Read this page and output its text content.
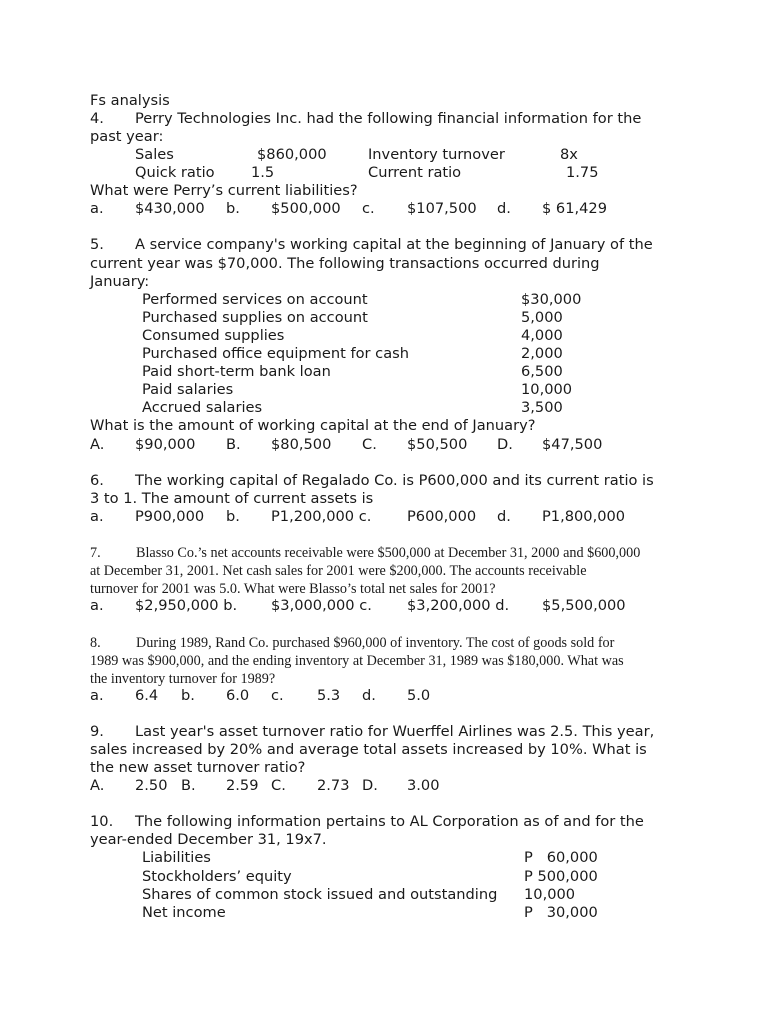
Fs analysis
4. Perry Technologies Inc. had the following financial information for the
past year:
Sales	$860,000	Inventory turnover	8x
Quick ratio 1.5	Current ratio	1.75
What were Perry’s current liabilities?
a. $430,000 b. $500,000 c. $107,500 d. $ 61,429
5. A service company's working capital at the beginning of January of the
current year was $70,000. The following transactions occurred during
January:
Performed services on account	$30,000
Purchased supplies on account	5,000
Consumed supplies	4,000
Purchased office equipment for cash	2,000
Paid short-term bank loan	6,500
Paid salaries	10,000
Accrued salaries	3,500
What is the amount of working capital at the end of January?
A. $90,000 B. $80,500 C. $50,500 D. $47,500
6. The working capital of Regalado Co. is P600,000 and its current ratio is
3 to 1. The amount of current assets is
a. P900,000 b. P1,200,000 c. P600,000 d. P1,800,000
7. Blasso Co.’s net accounts receivable were $500,000 at December 31, 2000 and $600,000
at December 31, 2001. Net cash sales for 2001 were $200,000. The accounts receivable
turnover for 2001 was 5.0. What were Blasso’s total net sales for 2001?
a. $2,950,000 b. $3,000,000 c. $3,200,000 d. $5,500,000
8. During 1989, Rand Co. purchased $960,000 of inventory. The cost of goods sold for
1989 was $900,000, and the ending inventory at December 31, 1989 was $180,000. What was
the inventory turnover for 1989?
a. 6.4 b. 6.0 c. 5.3 d. 5.0
9. Last year's asset turnover ratio for Wuerffel Airlines was 2.5. This year,
sales increased by 20% and average total assets increased by 10%. What is
the new asset turnover ratio?
A. 2.50 B. 2.59 C. 2.73 D. 3.00
10. The following information pertains to AL Corporation as of and for the
year-ended December 31, 19x7.
Liabilities	P   60,000
Stockholders’ equity	P 500,000
Shares of common stock issued and outstanding 10,000
Net income	P   30,000
